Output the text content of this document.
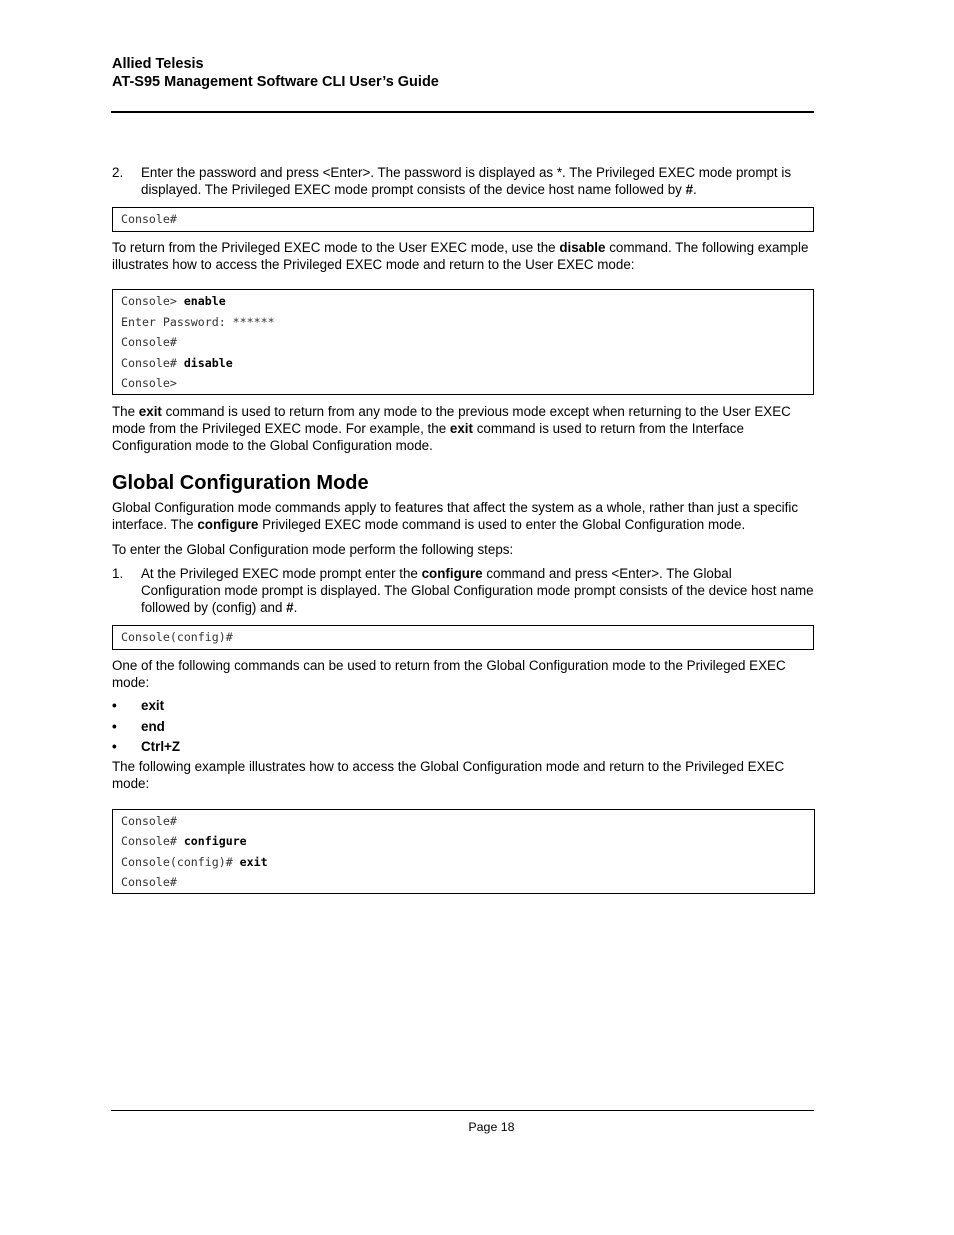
Allied Telesis
AT-S95 Management Software CLI User’s Guide
2.	Enter the password and press <Enter>. The password is displayed as *. The Privileged EXEC mode prompt is displayed. The Privileged EXEC mode prompt consists of the device host name followed by #.
Console#

To return from the Privileged EXEC mode to the User EXEC mode, use the disable command. The following example illustrates how to access the Privileged EXEC mode and return to the User EXEC mode:

Console> enable
Enter Password: ******
Console#
Console# disable
Console>

The exit command is used to return from any mode to the previous mode except when returning to the User EXEC mode from the Privileged EXEC mode. For example, the exit command is used to return from the Interface Configuration mode to the Global Configuration mode.

Global Configuration Mode

Global Configuration mode commands apply to features that affect the system as a whole, rather than just a specific interface. The configure Privileged EXEC mode command is used to enter the Global Configuration mode.

To enter the Global Configuration mode perform the following steps:

1.	At the Privileged EXEC mode prompt enter the configure command and press <Enter>. The Global Configuration mode prompt is displayed. The Global Configuration mode prompt consists of the device host name followed by (config) and #.
Console(config)#

One of the following commands can be used to return from the Global Configuration mode to the Privileged EXEC mode:

•	exit
•	end
•	Ctrl+Z

The following example illustrates how to access the Global Configuration mode and return to the Privileged EXEC mode:

Console#
Console# configure
Console(config)# exit
Console#
Page 18
